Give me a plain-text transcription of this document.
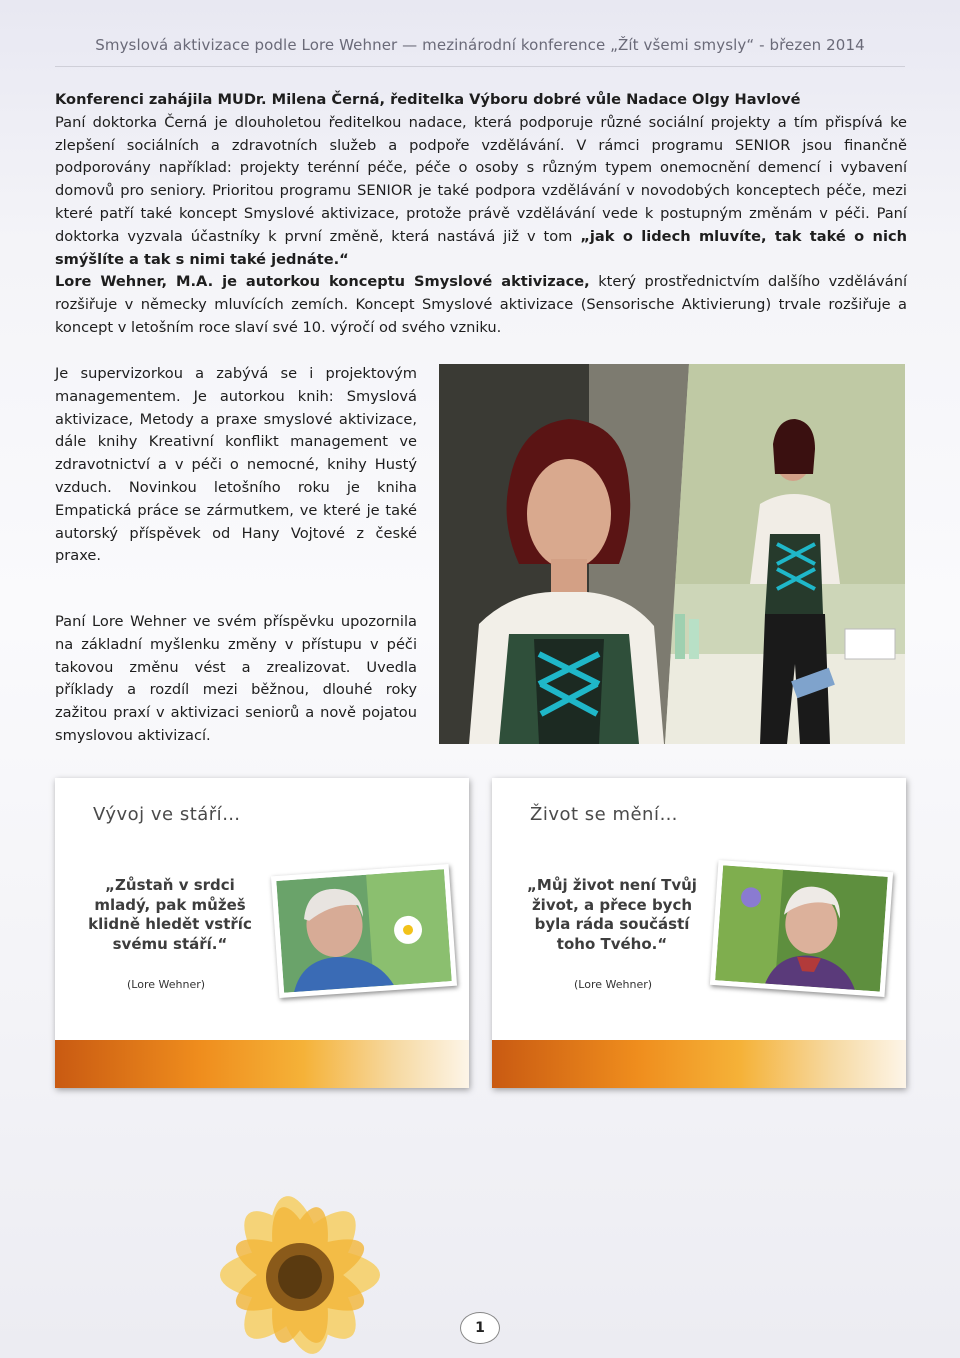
Smyslová aktivizace podle Lore Wehner — mezinárodní konference „Žít všemi smysly“ - březen 2014

Konferenci zahájila MUDr. Milena Černá, ředitelka Výboru dobré vůle Nadace Olgy Havlové

Paní doktorka Černá je dlouholetou ředitelkou nadace, která podporuje různé sociální projekty a tím přispívá ke zlepšení sociálních a zdravotních služeb a podpoře vzdělávání. V rámci programu SENIOR jsou finančně podporovány například: projekty terénní péče, péče o osoby s různým typem onemocnění demencí i vybavení domovů pro seniory. Prioritou programu SENIOR je také podpora vzdělávání v novodobých konceptech péče, mezi které patří také koncept Smyslové aktivizace, protože právě vzdělávání vede k postupným změnám v péči. Paní doktorka vyzvala účastníky k první změně, která nastává již v tom „jak o lidech mluvíte, tak také o nich smýšlíte a tak s nimi také jednáte.“

Lore Wehner, M.A. je autorkou konceptu Smyslové aktivizace, který prostřednictvím dalšího vzdělávání rozšiřuje v německy mluvících zemích. Koncept Smyslové aktivizace (Sensorische Aktivierung) trvale rozšiřuje a koncept v letošním roce slaví své 10. výročí od svého vzniku.

Je supervizorkou a zabývá se i projektovým managementem. Je autorkou knih: Smyslová aktivizace, Metody a praxe smyslové aktivizace, dále knihy Kreativní konflikt management ve zdravotnictví a v péči o nemocné, knihy Hustý vzduch. Novinkou letošního roku je kniha Empatická práce se zármutkem, ve které je také autorský příspěvek od Hany Vojtové z české praxe.
Paní Lore Wehner ve svém příspěvku upozornila na základní myšlenku změny v přístupu v péči takovou změnu vést a zrealizovat. Uvedla příklady a rozdíl mezi běžnou, dlouhé roky zažitou praxí v aktivizaci seniorů a nově pojatou smyslovou aktivizací.
Vývoj ve stáří…
„Zůstaň v srdci mladý, pak můžeš klidně hledět vstříc svému stáří.“
(Lore Wehner)
Život se mění…
„Můj život není Tvůj život, a přece bych byla ráda součástí toho Tvého.“
(Lore Wehner)
1
